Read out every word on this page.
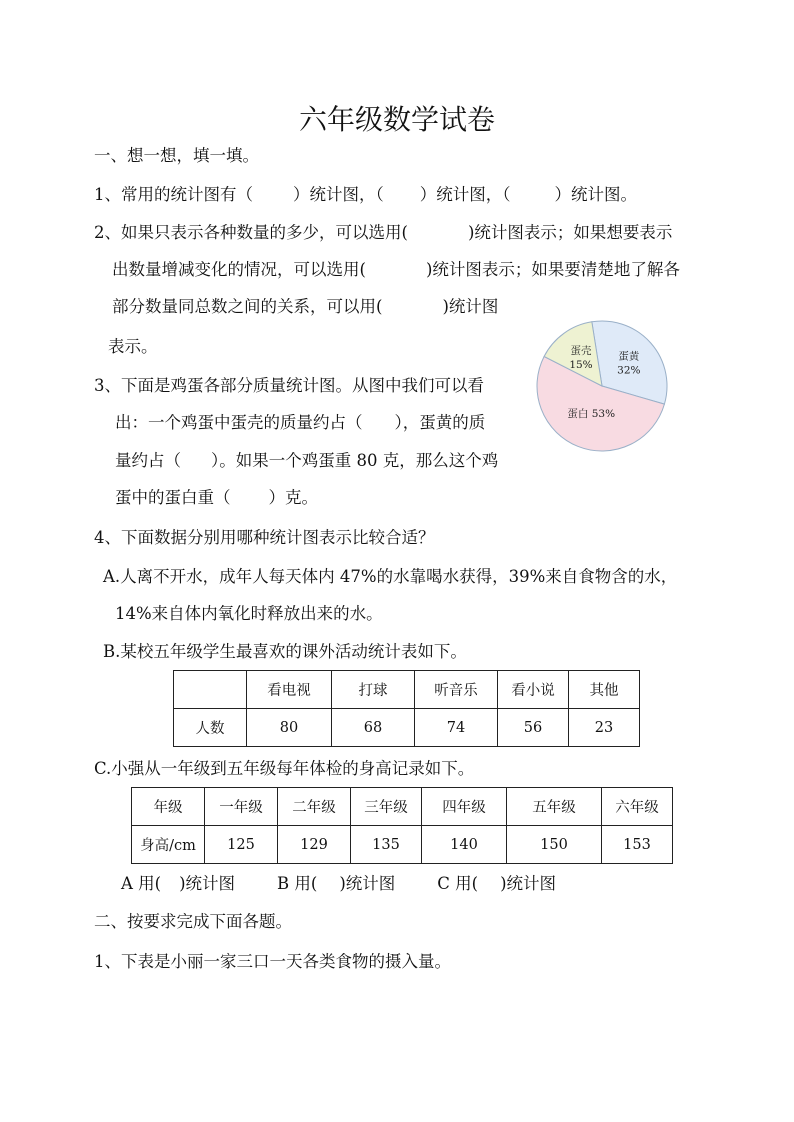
六年级数学试卷
一、想一想，填一填。
1、常用的统计图有（ ）统计图，（ ）统计图，（	）统计图。
2、如果只表示各种数量的多少，可以选用(	)统计图表示；如果想要表示
出数量增减变化的情况，可以选用(	)统计图表示；如果要清楚地了解各
部分数量同总数之间的关系，可以用(	)统计图
表示。
3、下面是鸡蛋各部分质量统计图。从图中我们可以看
出：一个鸡蛋中蛋壳的质量约占（ ），蛋黄的质
量约占（ ）。如果一个鸡蛋重 80 克，那么这个鸡
蛋中的蛋白重（ ）克。
蛋黄
32%
蛋白 53%
蛋壳
15%
4、下面数据分别用哪种统计图表示比较合适？
A.人离不开水，成年人每天体内 47%的水靠喝水获得，39%来自食物含的水，
14%来自体内氧化时释放出来的水。
B.某校五年级学生最喜欢的课外活动统计表如下。
	看电视	打球	听音乐	看小说	其他
人数	80	68	74	56	23
C.小强从一年级到五年级每年体检的身高记录如下。
年级	一年级	二年级	三年级	四年级	五年级	六年级
身高/cm	125	129	135	140	150	153
A 用( )统计图	B 用( )统计图	C 用( )统计图
二、按要求完成下面各题。
1、下表是小丽一家三口一天各类食物的摄入量。
